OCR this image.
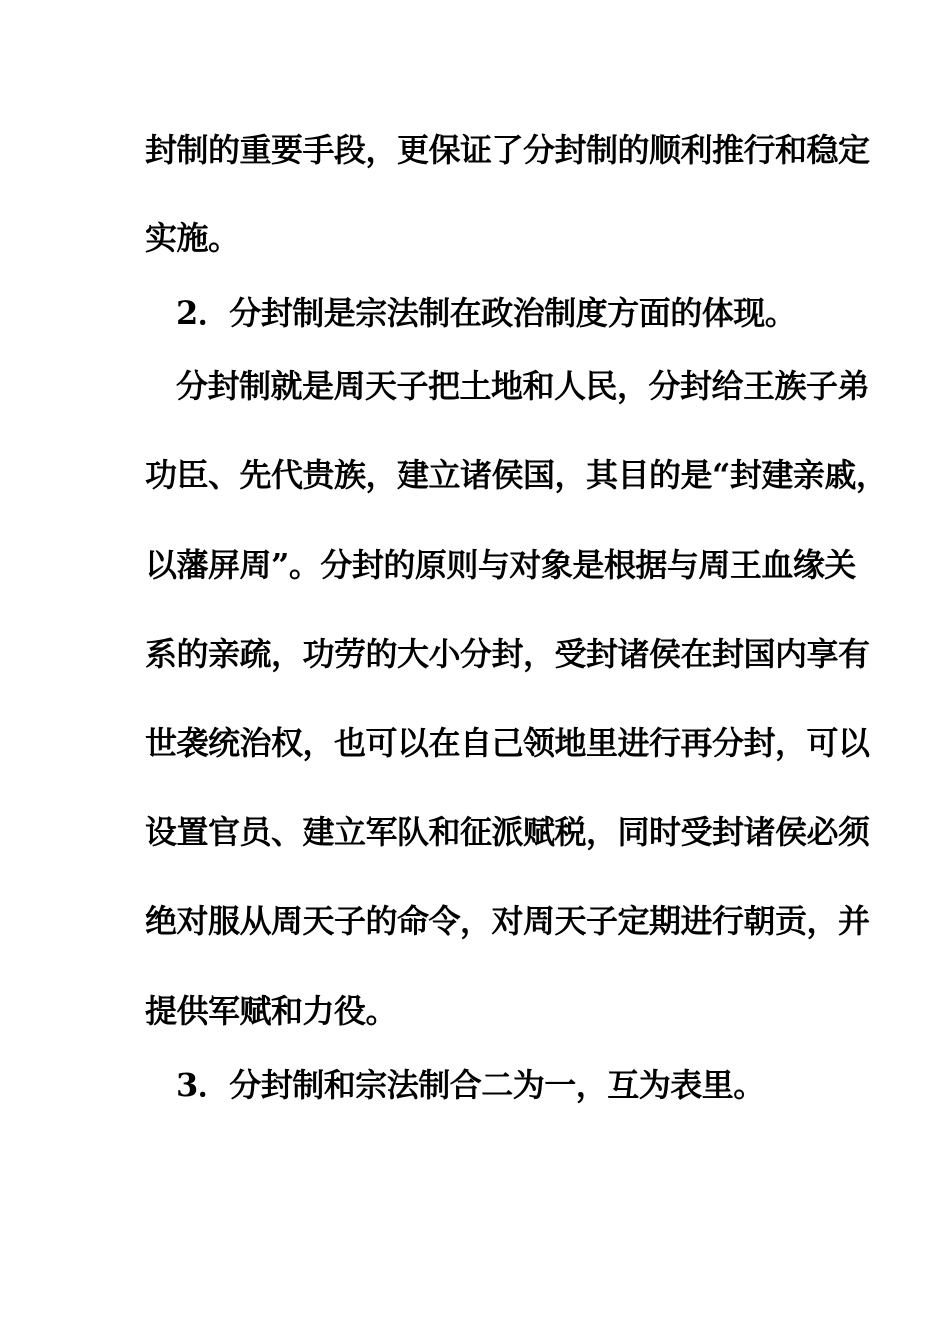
封制的重要手段，更保证了分封制的顺利推行和稳定
实施。
2．分封制是宗法制在政治制度方面的体现。
分封制就是周天子把土地和人民，分封给王族子弟
功臣、先代贵族，建立诸侯国，其目的是“封建亲戚，
以藩屏周”。分封的原则与对象是根据与周王血缘关
系的亲疏，功劳的大小分封，受封诸侯在封国内享有
世袭统治权，也可以在自己领地里进行再分封，可以
设置官员、建立军队和征派赋税，同时受封诸侯必须
绝对服从周天子的命令，对周天子定期进行朝贡，并
提供军赋和力役。
3．分封制和宗法制合二为一，互为表里。
